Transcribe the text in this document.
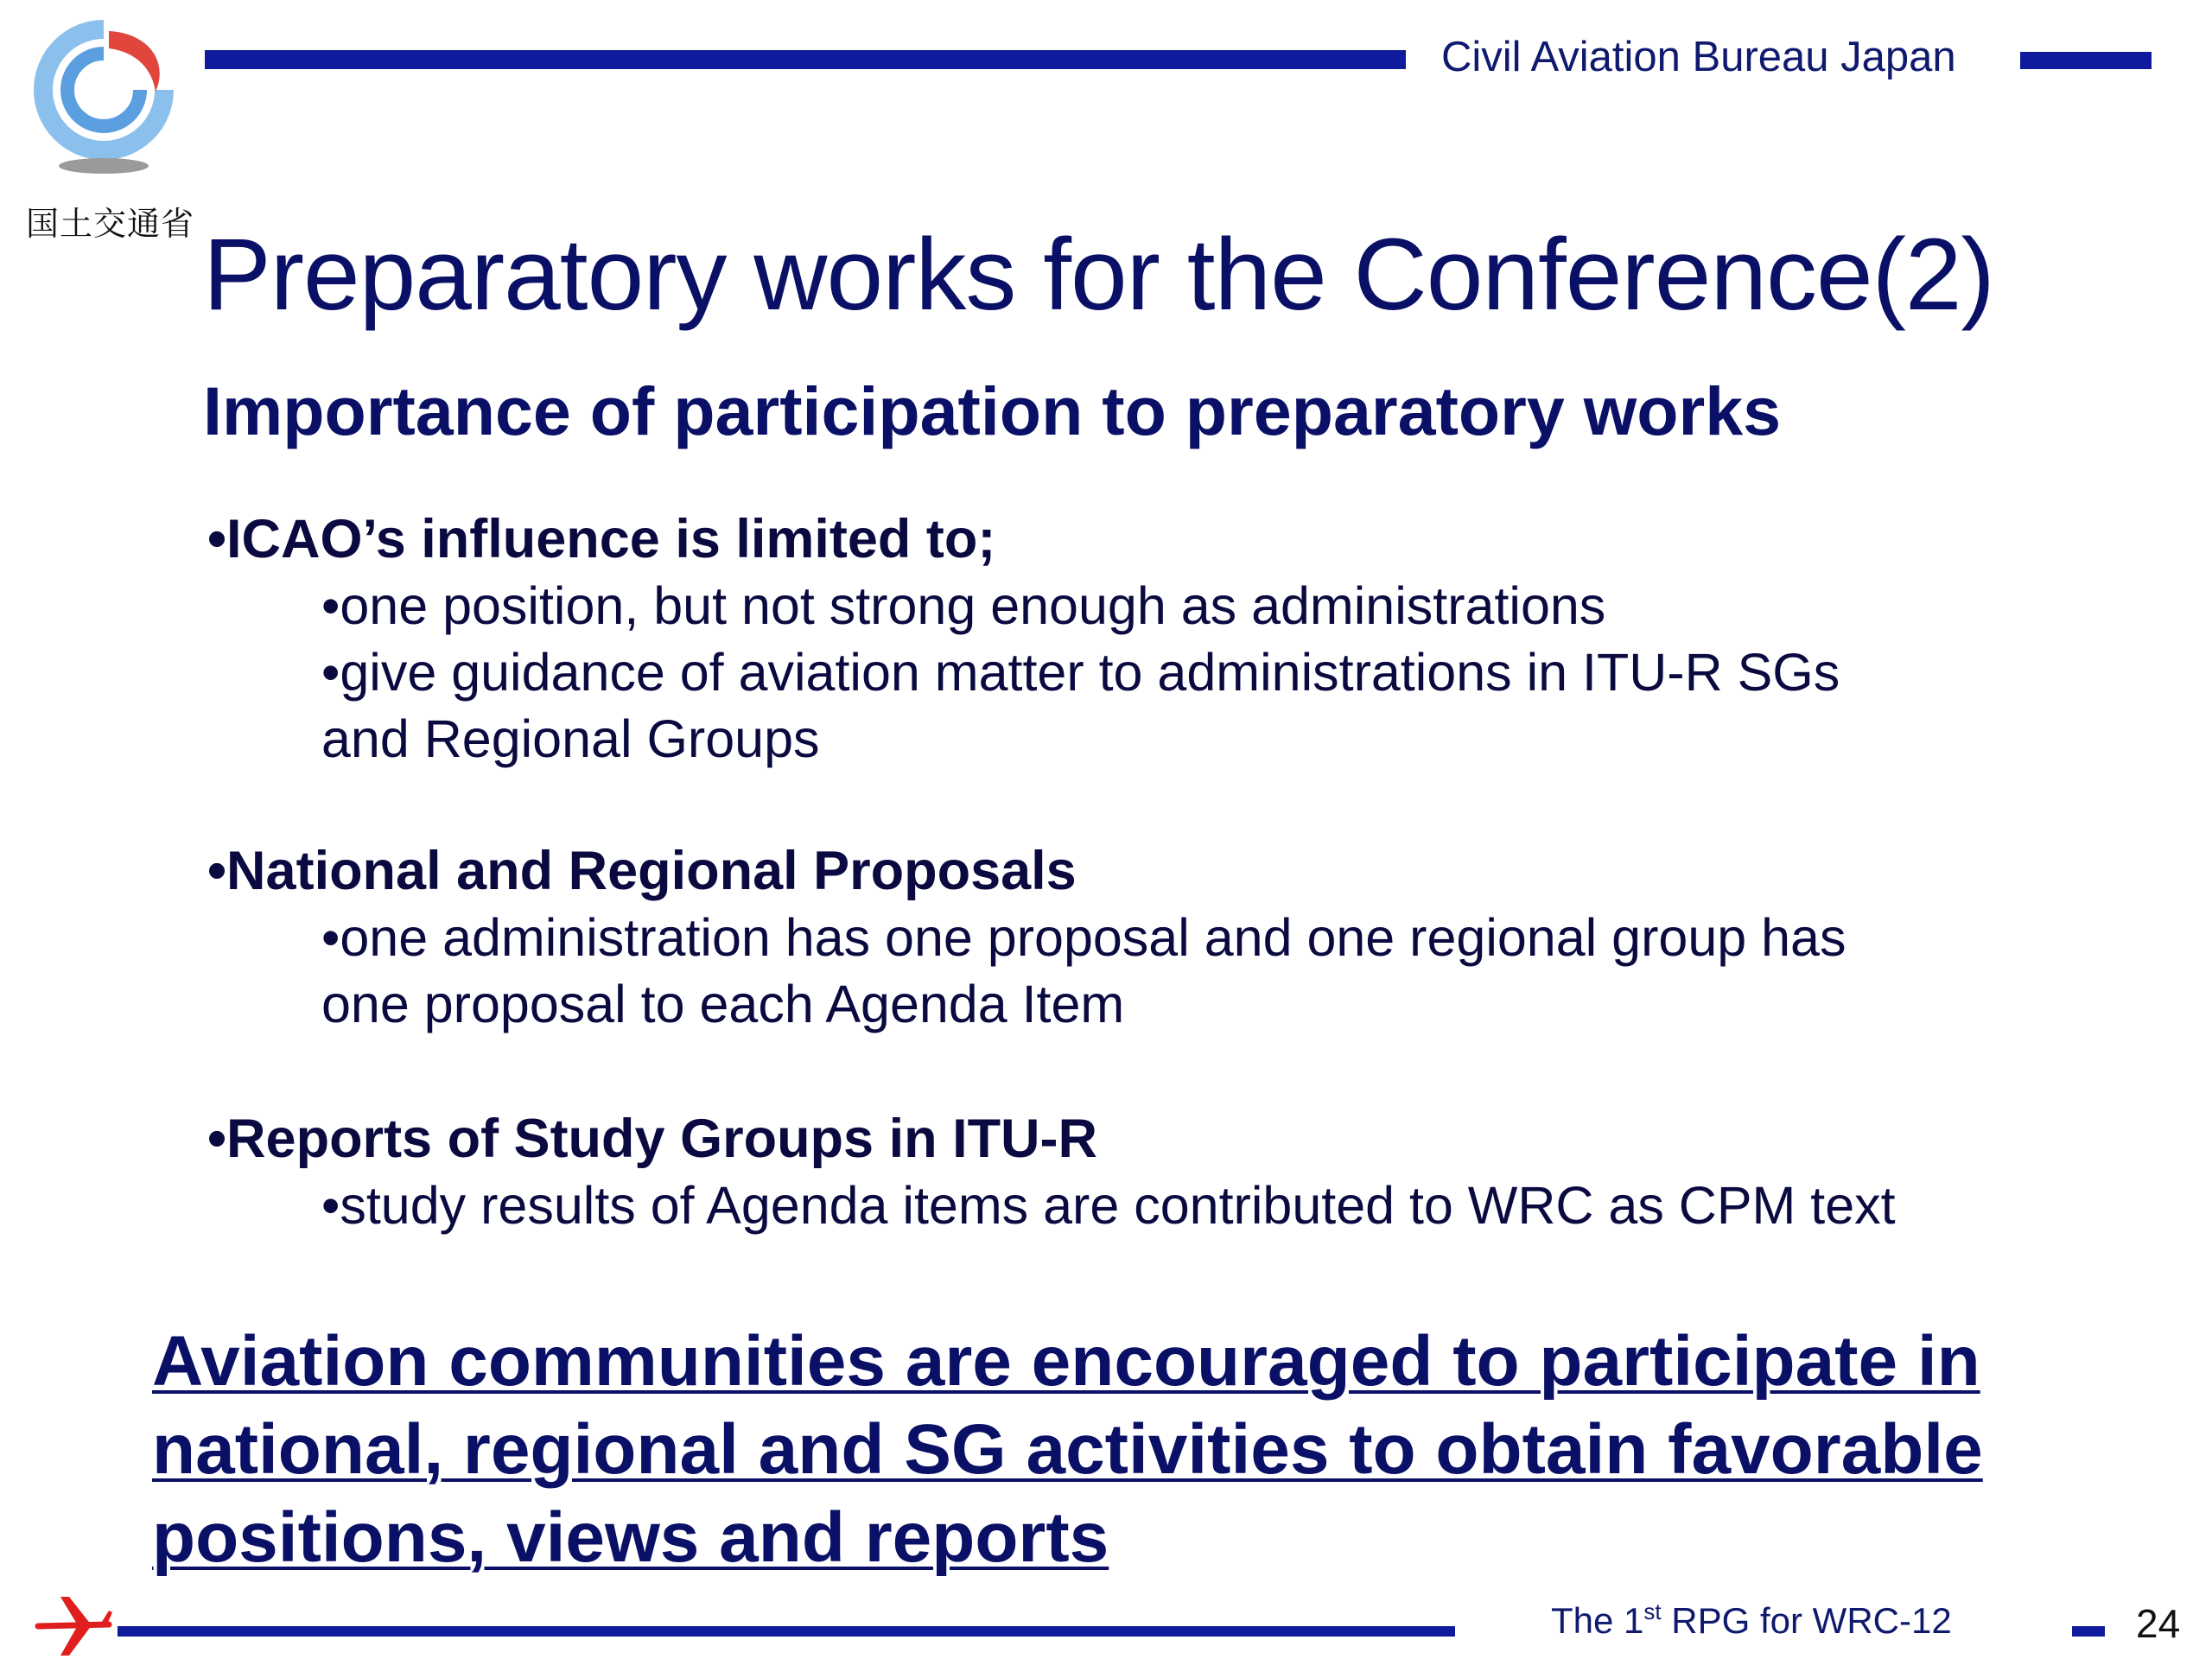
国土交通省
Civil Aviation Bureau Japan
Preparatory works for the Conference(2)
Importance of participation to preparatory works
•ICAO’s influence is limited to;
•one position, but not strong enough as administrations
•give guidance of aviation matter to administrations in ITU-R SGs
and Regional Groups
•National and Regional Proposals
•one administration has one proposal and one regional group has
one proposal to each Agenda Item
•Reports of Study Groups in ITU-R
•study results of Agenda items are contributed to WRC as CPM text
Aviation communities are encouraged to participate in
national, regional and SG activities to obtain favorable
positions, views and reports
The 1st RPG for WRC-12	24
